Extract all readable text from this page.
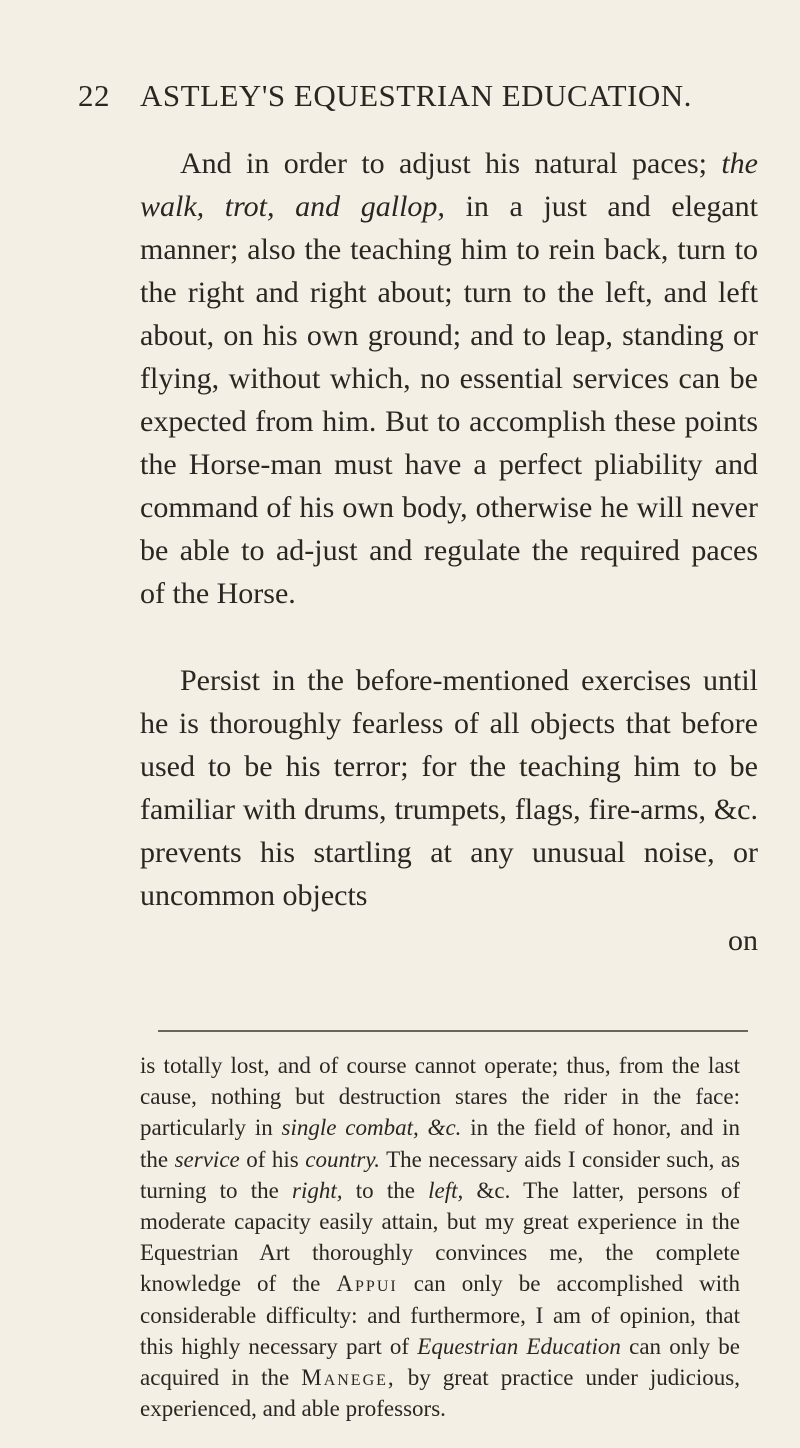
22 ASTLEY'S EQUESTRIAN EDUCATION.

And in order to adjust his natural paces; the walk, trot, and gallop, in a just and elegant manner; also the teaching him to rein back, turn to the right and right about; turn to the left, and left about, on his own ground; and to leap, standing or flying, without which, no essential services can be expected from him. But to accomplish these points the Horse-man must have a perfect pliability and command of his own body, otherwise he will never be able to ad-just and regulate the required paces of the Horse.

Persist in the before-mentioned exercises until he is thoroughly fearless of all objects that before used to be his terror; for the teaching him to be familiar with drums, trumpets, flags, fire-arms, &c. prevents his startling at any unusual noise, or uncommon objects

on

is totally lost, and of course cannot operate; thus, from the last cause, nothing but destruction stares the rider in the face: particularly in single combat, &c. in the field of honor, and in the service of his country. The necessary aids I consider such, as turning to the right, to the left, &c. The latter, persons of moderate capacity easily attain, but my great experience in the Equestrian Art thoroughly convinces me, the complete knowledge of the Appui can only be accomplished with considerable difficulty: and furthermore, I am of opinion, that this highly necessary part of Equestrian Education can only be acquired in the Manege, by great practice under judicious, experienced, and able professors.
